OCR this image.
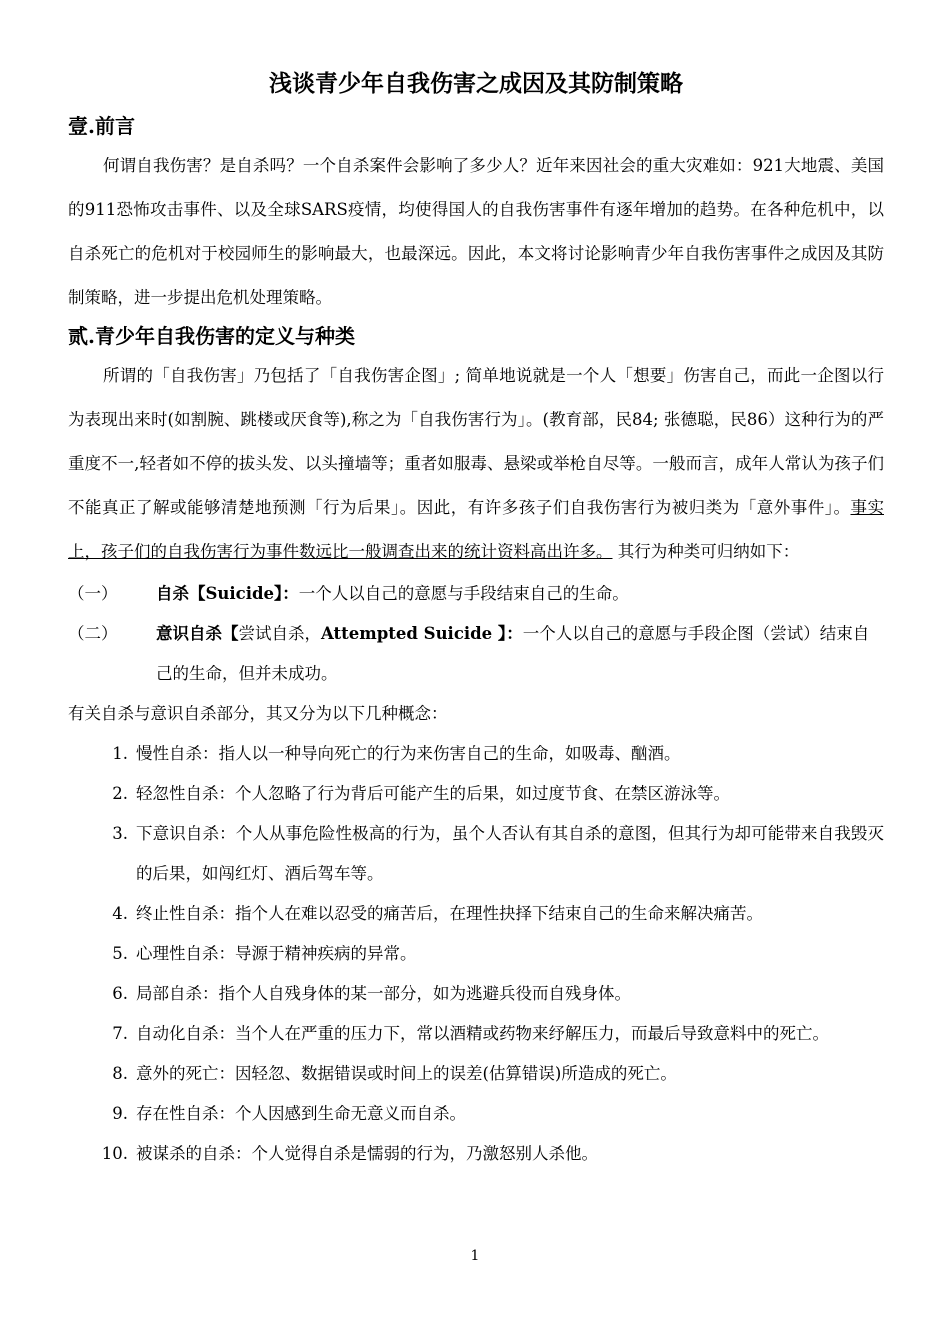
浅谈青少年自我伤害之成因及其防制策略
壹.前言

何谓自我伤害？是自杀吗？一个自杀案件会影响了多少人？近年来因社会的重大灾难如：921大地震、美国的911恐怖攻击事件、以及全球SARS疫情，均使得国人的自我伤害事件有逐年增加的趋势。在各种危机中，以自杀死亡的危机对于校园师生的影响最大，也最深远。因此，本文将讨论影响青少年自我伤害事件之成因及其防制策略，进一步提出危机处理策略。

贰.青少年自我伤害的定义与种类

所谓的「自我伤害」乃包括了「自我伤害企图」; 简单地说就是一个人「想要」伤害自己，而此一企图以行为表现出来时(如割腕、跳楼或厌食等),称之为「自我伤害行为」。(教育部，民84; 张德聪，民86）这种行为的严重度不一,轻者如不停的拔头发、以头撞墙等；重者如服毒、悬梁或举枪自尽等。一般而言，成年人常认为孩子们不能真正了解或能够清楚地预测「行为后果」。因此，有许多孩子们自我伤害行为被归类为「意外事件」。事实上，孩子们的自我伤害行为事件数远比一般调查出来的统计资料高出许多。 其行为种类可归纳如下：

（一）	自杀【Suicide】：一个人以自己的意愿与手段结束自己的生命。
（二）	意识自杀【尝试自杀，Attempted Suicide 】：一个人以自己的意愿与手段企图（尝试）结束自己的生命，但并未成功。

有关自杀与意识自杀部分，其又分为以下几种概念：

1. 慢性自杀：指人以一种导向死亡的行为来伤害自己的生命，如吸毒、酗酒。
2. 轻忽性自杀：个人忽略了行为背后可能产生的后果，如过度节食、在禁区游泳等。
3. 下意识自杀：个人从事危险性极高的行为，虽个人否认有其自杀的意图，但其行为却可能带来自我毁灭的后果，如闯红灯、酒后驾车等。
4. 终止性自杀：指个人在难以忍受的痛苦后，在理性抉择下结束自己的生命来解决痛苦。
5. 心理性自杀：导源于精神疾病的异常。
6. 局部自杀：指个人自残身体的某一部分，如为逃避兵役而自残身体。
7. 自动化自杀：当个人在严重的压力下，常以酒精或药物来纾解压力，而最后导致意料中的死亡。
8. 意外的死亡：因轻忽、数据错误或时间上的误差(估算错误)所造成的死亡。
9. 存在性自杀：个人因感到生命无意义而自杀。
10. 被谋杀的自杀：个人觉得自杀是懦弱的行为，乃激怒别人杀他。
1
